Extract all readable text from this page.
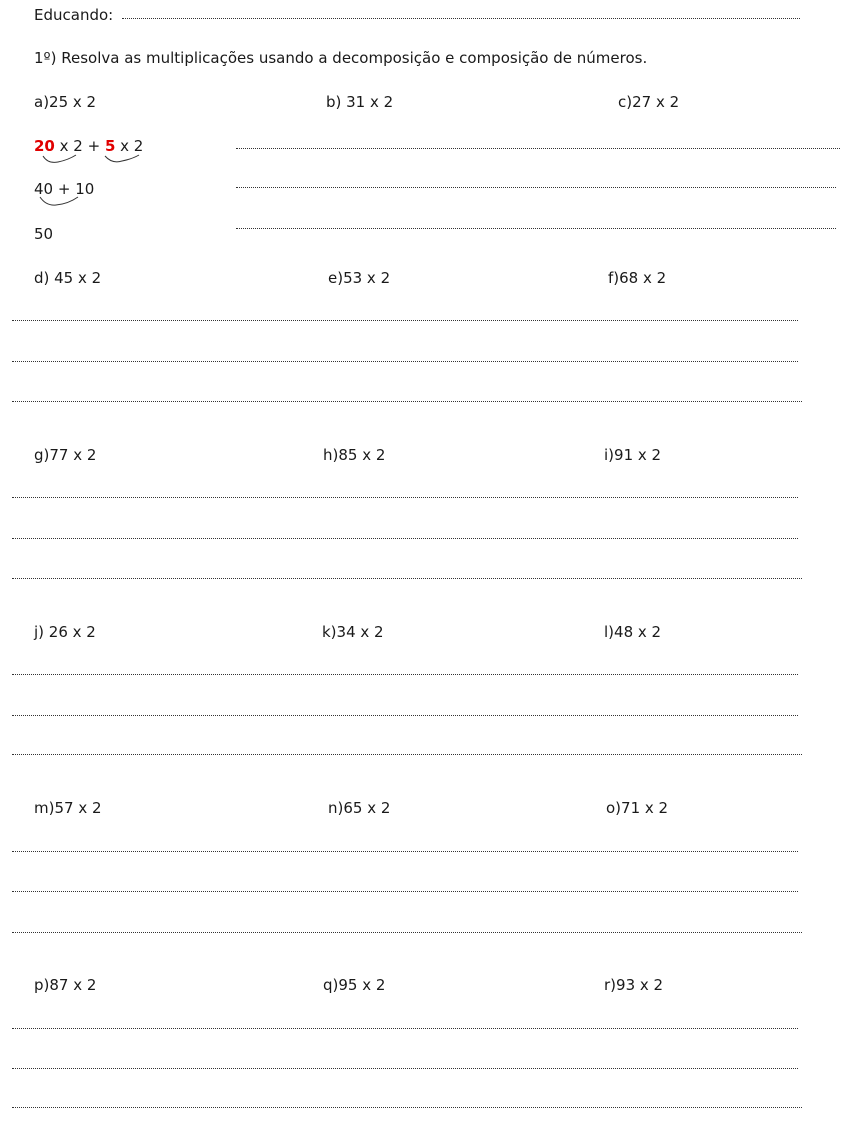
Educando:
1º) Resolva as multiplicações usando a decomposição e composição de números.
a)25 x 2	b) 31 x 2	c)27 x 2
20 x 2 + 5 x 2
40 + 10
50
d) 45 x 2	e)53 x 2	f)68 x 2
g)77 x 2	h)85 x 2	i)91 x 2
j) 26 x 2	k)34 x 2	l)48 x 2
m)57 x 2	n)65 x 2	o)71 x 2
p)87 x 2	q)95 x 2	r)93 x 2
